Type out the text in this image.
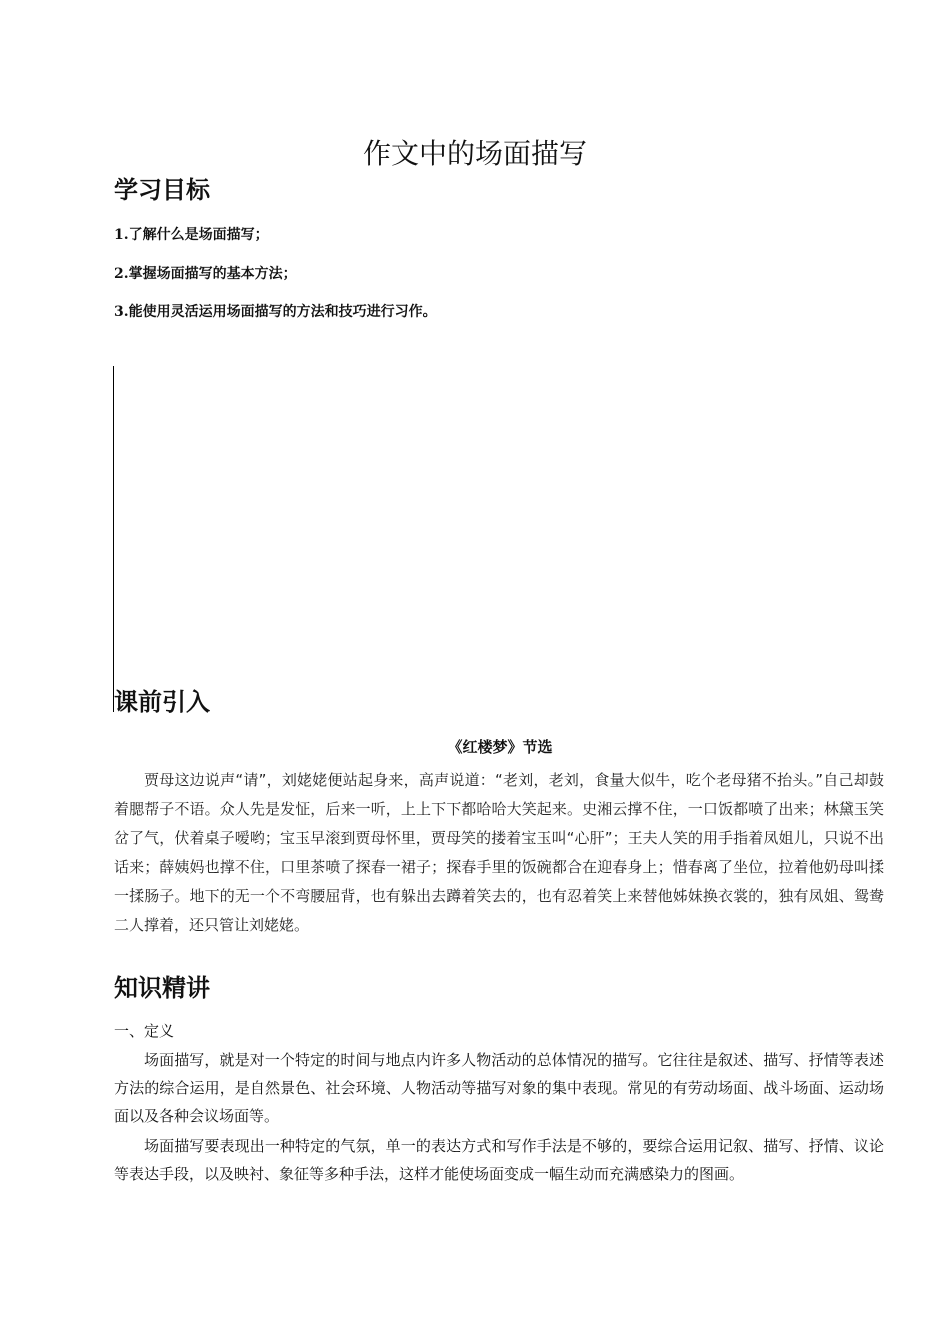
作文中的场面描写
学习目标

1.了解什么是场面描写；

2.掌握场面描写的基本方法；

3.能使用灵活运用场面描写的方法和技巧进行习作。

课前引入

《红楼梦》节选

贾母这边说声“请”，刘姥姥便站起身来，高声说道：“老刘，老刘，食量大似牛，吃个老母猪不抬头。”自己却鼓着腮帮子不语。众人先是发怔，后来一听，上上下下都哈哈大笑起来。史湘云撑不住，一口饭都喷了出来；林黛玉笑岔了气，伏着桌子嗳哟；宝玉早滚到贾母怀里，贾母笑的搂着宝玉叫“心肝”；王夫人笑的用手指着凤姐儿，只说不出话来；薛姨妈也撑不住，口里茶喷了探春一裙子；探春手里的饭碗都合在迎春身上；惜春离了坐位，拉着他奶母叫揉一揉肠子。地下的无一个不弯腰屈背，也有躲出去蹲着笑去的，也有忍着笑上来替他姊妹换衣裳的，独有凤姐、鸳鸯二人撑着，还只管让刘姥姥。

知识精讲

一、定义

场面描写，就是对一个特定的时间与地点内许多人物活动的总体情况的描写。它往往是叙述、描写、抒情等表述方法的综合运用，是自然景色、社会环境、人物活动等描写对象的集中表现。常见的有劳动场面、战斗场面、运动场面以及各种会议场面等。

场面描写要表现出一种特定的气氛，单一的表达方式和写作手法是不够的，要综合运用记叙、描写、抒情、议论等表达手段，以及映衬、象征等多种手法，这样才能使场面变成一幅生动而充满感染力的图画。
